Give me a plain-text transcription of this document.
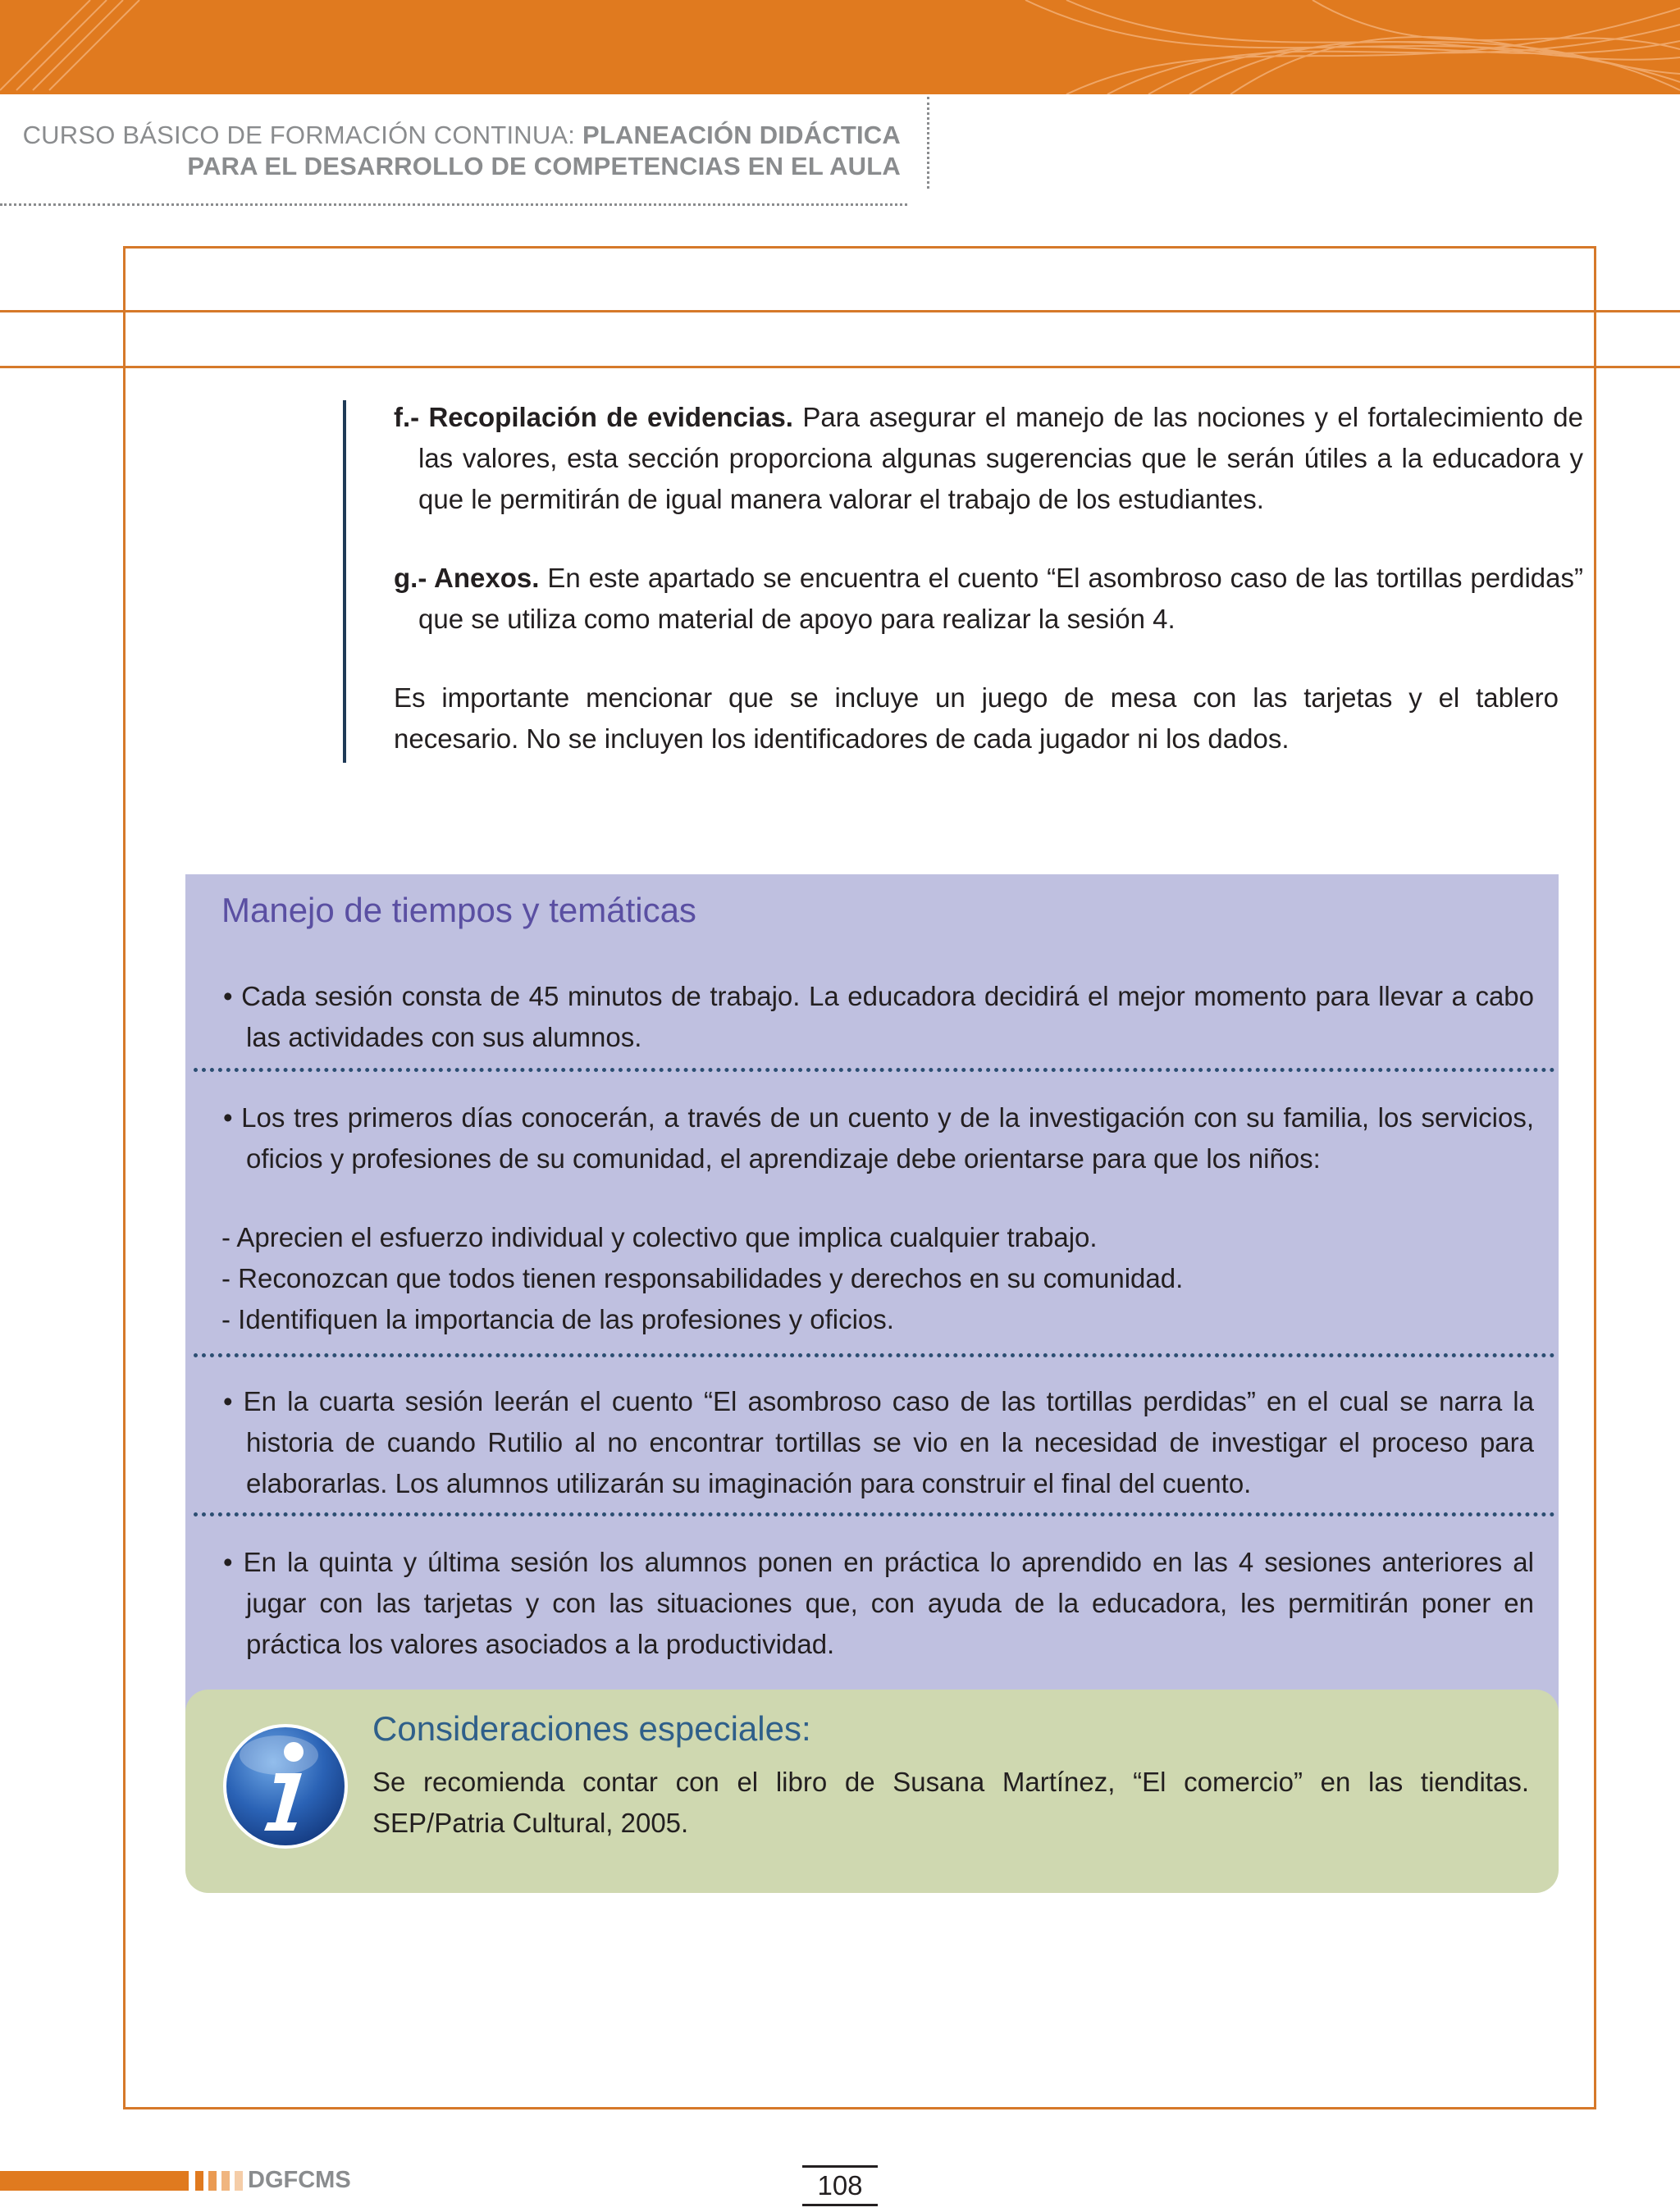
CURSO BÁSICO DE FORMACIÓN CONTINUA: PLANEACIÓN DIDÁCTICA
PARA EL DESARROLLO DE COMPETENCIAS EN EL AULA
f.- Recopilación de evidencias. Para asegurar el manejo de las nociones y el fortalecimiento de las valores, esta sección proporciona algunas sugerencias que le serán útiles a la educadora y que le permitirán de igual manera valorar el trabajo de los estudiantes.
g.- Anexos. En este apartado se encuentra el cuento “El asombroso caso de las tortillas perdidas” que se utiliza como material de apoyo para realizar la sesión 4.
Es importante mencionar que se incluye un juego de mesa con las tarjetas y el tablero necesario. No se incluyen los identificadores de cada jugador ni los dados.
Manejo de tiempos y temáticas
• Cada sesión consta de 45 minutos de trabajo. La educadora decidirá el mejor momento para llevar a cabo las actividades con sus alumnos.
• Los tres primeros días conocerán, a través de un cuento y de la investigación con su familia, los servicios, oficios y profesiones de su comunidad, el aprendizaje debe orientarse para que los niños:
- Aprecien el esfuerzo individual y colectivo que implica cualquier trabajo.
- Reconozcan que todos tienen responsabilidades y derechos en su comunidad.
- Identifiquen la importancia de las profesiones y oficios.
• En la cuarta sesión leerán el cuento “El asombroso caso de las tortillas perdidas” en el cual se narra la historia de cuando Rutilio al no encontrar tortillas se vio en la necesidad de investigar el proceso para elaborarlas. Los alumnos utilizarán su imaginación para construir el final del cuento.
• En la quinta y última sesión los alumnos ponen en práctica lo aprendido en las 4 sesiones anteriores al jugar con las tarjetas y con las situaciones que, con ayuda de la educadora, les permitirán poner en práctica los valores asociados a la productividad.
Consideraciones especiales:
Se recomienda contar con el libro de Susana Martínez, “El comercio” en las tienditas. SEP/Patria Cultural, 2005.
DGFCMS	108
